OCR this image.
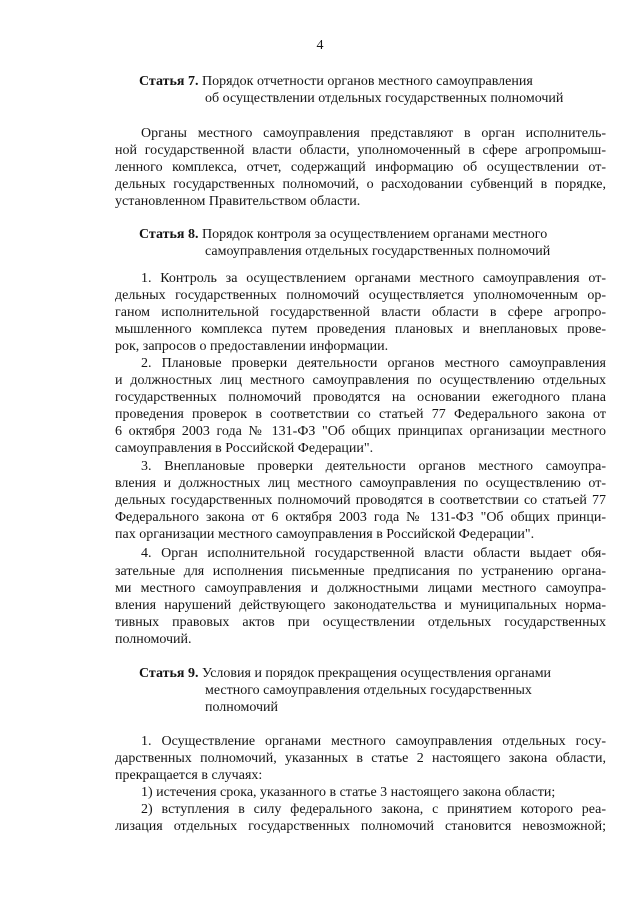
4
Статья 7. Порядок отчетности органов местного самоуправления
об осуществлении отдельных государственных полномочий
Органы местного самоуправления представляют в орган исполнитель-
ной государственной власти области, уполномоченный в сфере агропромыш-
ленного комплекса, отчет, содержащий информацию об осуществлении от-
дельных государственных полномочий, о расходовании субвенций в порядке,
установленном Правительством области.
Статья 8. Порядок контроля за осуществлением органами местного
самоуправления отдельных государственных полномочий
1. Контроль за осуществлением органами местного самоуправления от-
дельных государственных полномочий осуществляется уполномоченным ор-
ганом исполнительной государственной власти области в сфере агропро-
мышленного комплекса путем проведения плановых и внеплановых прове-
рок, запросов о предоставлении информации.
2. Плановые проверки деятельности органов местного самоуправления
и должностных лиц местного самоуправления по осуществлению отдельных
государственных полномочий проводятся на основании ежегодного плана
проведения проверок в соответствии со статьей 77 Федерального закона от
6 октября 2003 года № 131-ФЗ "Об общих принципах организации местного
самоуправления в Российской Федерации".
3. Внеплановые проверки деятельности органов местного самоупра-
вления и должностных лиц местного самоуправления по осуществлению от-
дельных государственных полномочий проводятся в соответствии со статьей 77
Федерального закона от 6 октября 2003 года № 131-ФЗ "Об общих принци-
пах организации местного самоуправления в Российской Федерации".
4. Орган исполнительной государственной власти области выдает обя-
зательные для исполнения письменные предписания по устранению органа-
ми местного самоуправления и должностными лицами местного самоупра-
вления нарушений действующего законодательства и муниципальных норма-
тивных правовых актов при осуществлении отдельных государственных
полномочий.
Статья 9. Условия и порядок прекращения осуществления органами
местного самоуправления отдельных государственных
полномочий
1. Осуществление органами местного самоуправления отдельных госу-
дарственных полномочий, указанных в статье 2 настоящего закона области,
прекращается в случаях:
1) истечения срока, указанного в статье 3 настоящего закона области;
2) вступления в силу федерального закона, с принятием которого реа-
лизация отдельных государственных полномочий становится невозможной;
